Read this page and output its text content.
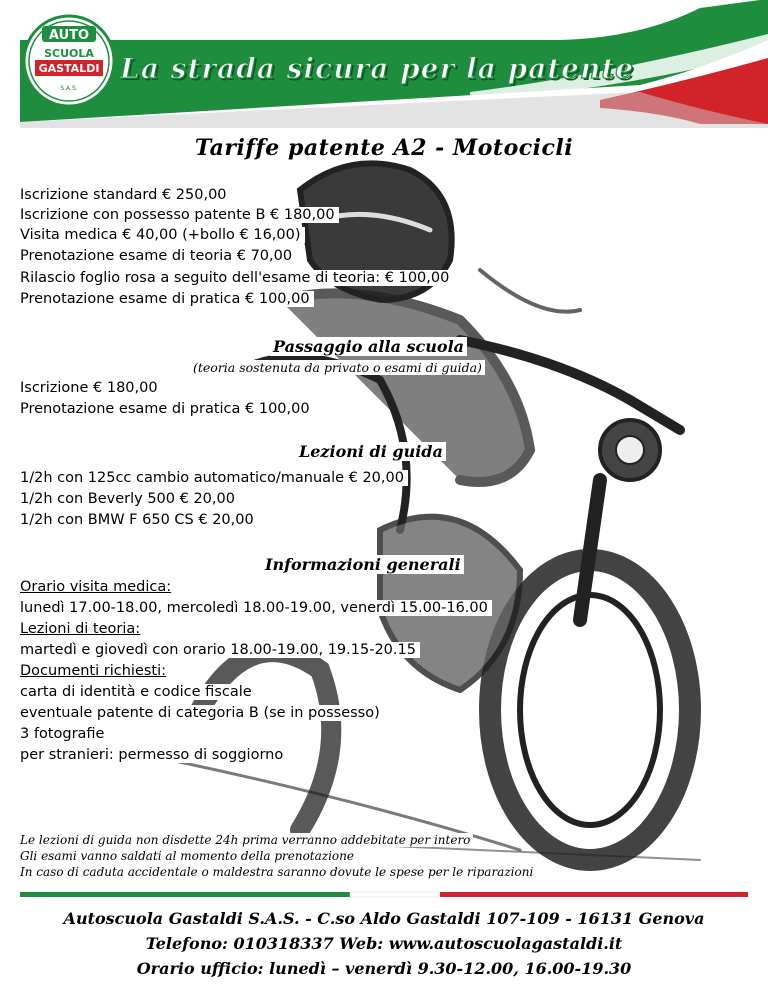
AUTO
SCUOLA
GASTALDI
S.A.S.
La strada sicura per la patente
Tariffe patente A2 - Motocicli
Iscrizione standard € 250,00
Iscrizione con possesso patente B € 180,00
Visita medica € 40,00 (+bollo € 16,00)
Prenotazione esame di teoria € 70,00
Rilascio foglio rosa a seguito dell'esame di teoria: € 100,00
Prenotazione esame di pratica € 100,00
Passaggio alla scuola
(teoria sostenuta da privato o esami di guida)
Iscrizione € 180,00
Prenotazione esame di pratica € 100,00
Lezioni di guida
1/2h con 125cc cambio automatico/manuale € 20,00
1/2h con Beverly 500 € 20,00
1/2h con BMW F 650 CS € 20,00
Informazioni generali
Orario visita medica:
lunedì 17.00-18.00, mercoledì 18.00-19.00, venerdì 15.00-16.00
Lezioni di teoria:
martedì e giovedì con orario 18.00-19.00, 19.15-20.15
Documenti richiesti:
carta di identità e codice fiscale
eventuale patente di categoria B (se in possesso)
3 fotografie
per stranieri: permesso di soggiorno
Le lezioni di guida non disdette 24h prima verranno addebitate per intero
Gli esami vanno saldati al momento della prenotazione
In caso di caduta accidentale o maldestra saranno dovute le spese per le riparazioni
Autoscuola Gastaldi S.A.S. - C.so Aldo Gastaldi 107-109 - 16131 Genova
Telefono: 010318337 Web: www.autoscuolagastaldi.it
Orario ufficio: lunedì – venerdì 9.30-12.00, 16.00-19.30
